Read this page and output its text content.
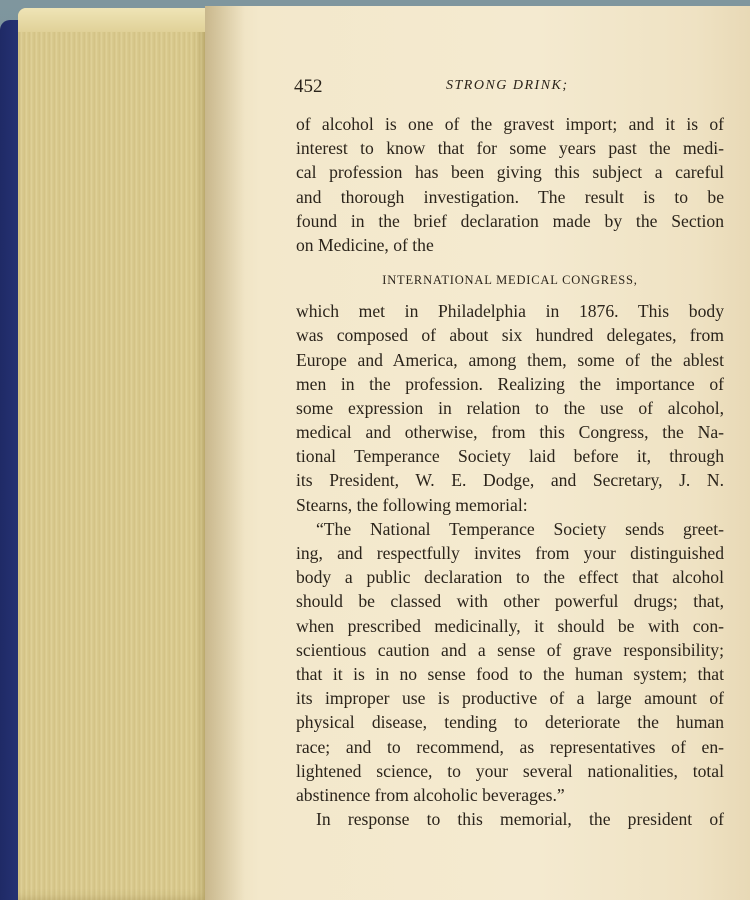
452	STRONG DRINK;
of alcohol is one of the gravest import; and it is of
interest to know that for some years past the medi-
cal profession has been giving this subject a careful
and thorough investigation. The result is to be
found in the brief declaration made by the Section
on Medicine, of the
INTERNATIONAL MEDICAL CONGRESS,
which met in Philadelphia in 1876. This body
was composed of about six hundred delegates, from
Europe and America, among them, some of the ablest
men in the profession. Realizing the importance of
some expression in relation to the use of alcohol,
medical and otherwise, from this Congress, the Na-
tional Temperance Society laid before it, through
its President, W. E. Dodge, and Secretary, J. N.
Stearns, the following memorial:
“The National Temperance Society sends greet-
ing, and respectfully invites from your distinguished
body a public declaration to the effect that alcohol
should be classed with other powerful drugs; that,
when prescribed medicinally, it should be with con-
scientious caution and a sense of grave responsibility;
that it is in no sense food to the human system; that
its improper use is productive of a large amount of
physical disease, tending to deteriorate the human
race; and to recommend, as representatives of en-
lightened science, to your several nationalities, total
abstinence from alcoholic beverages.”
In response to this memorial, the president of
